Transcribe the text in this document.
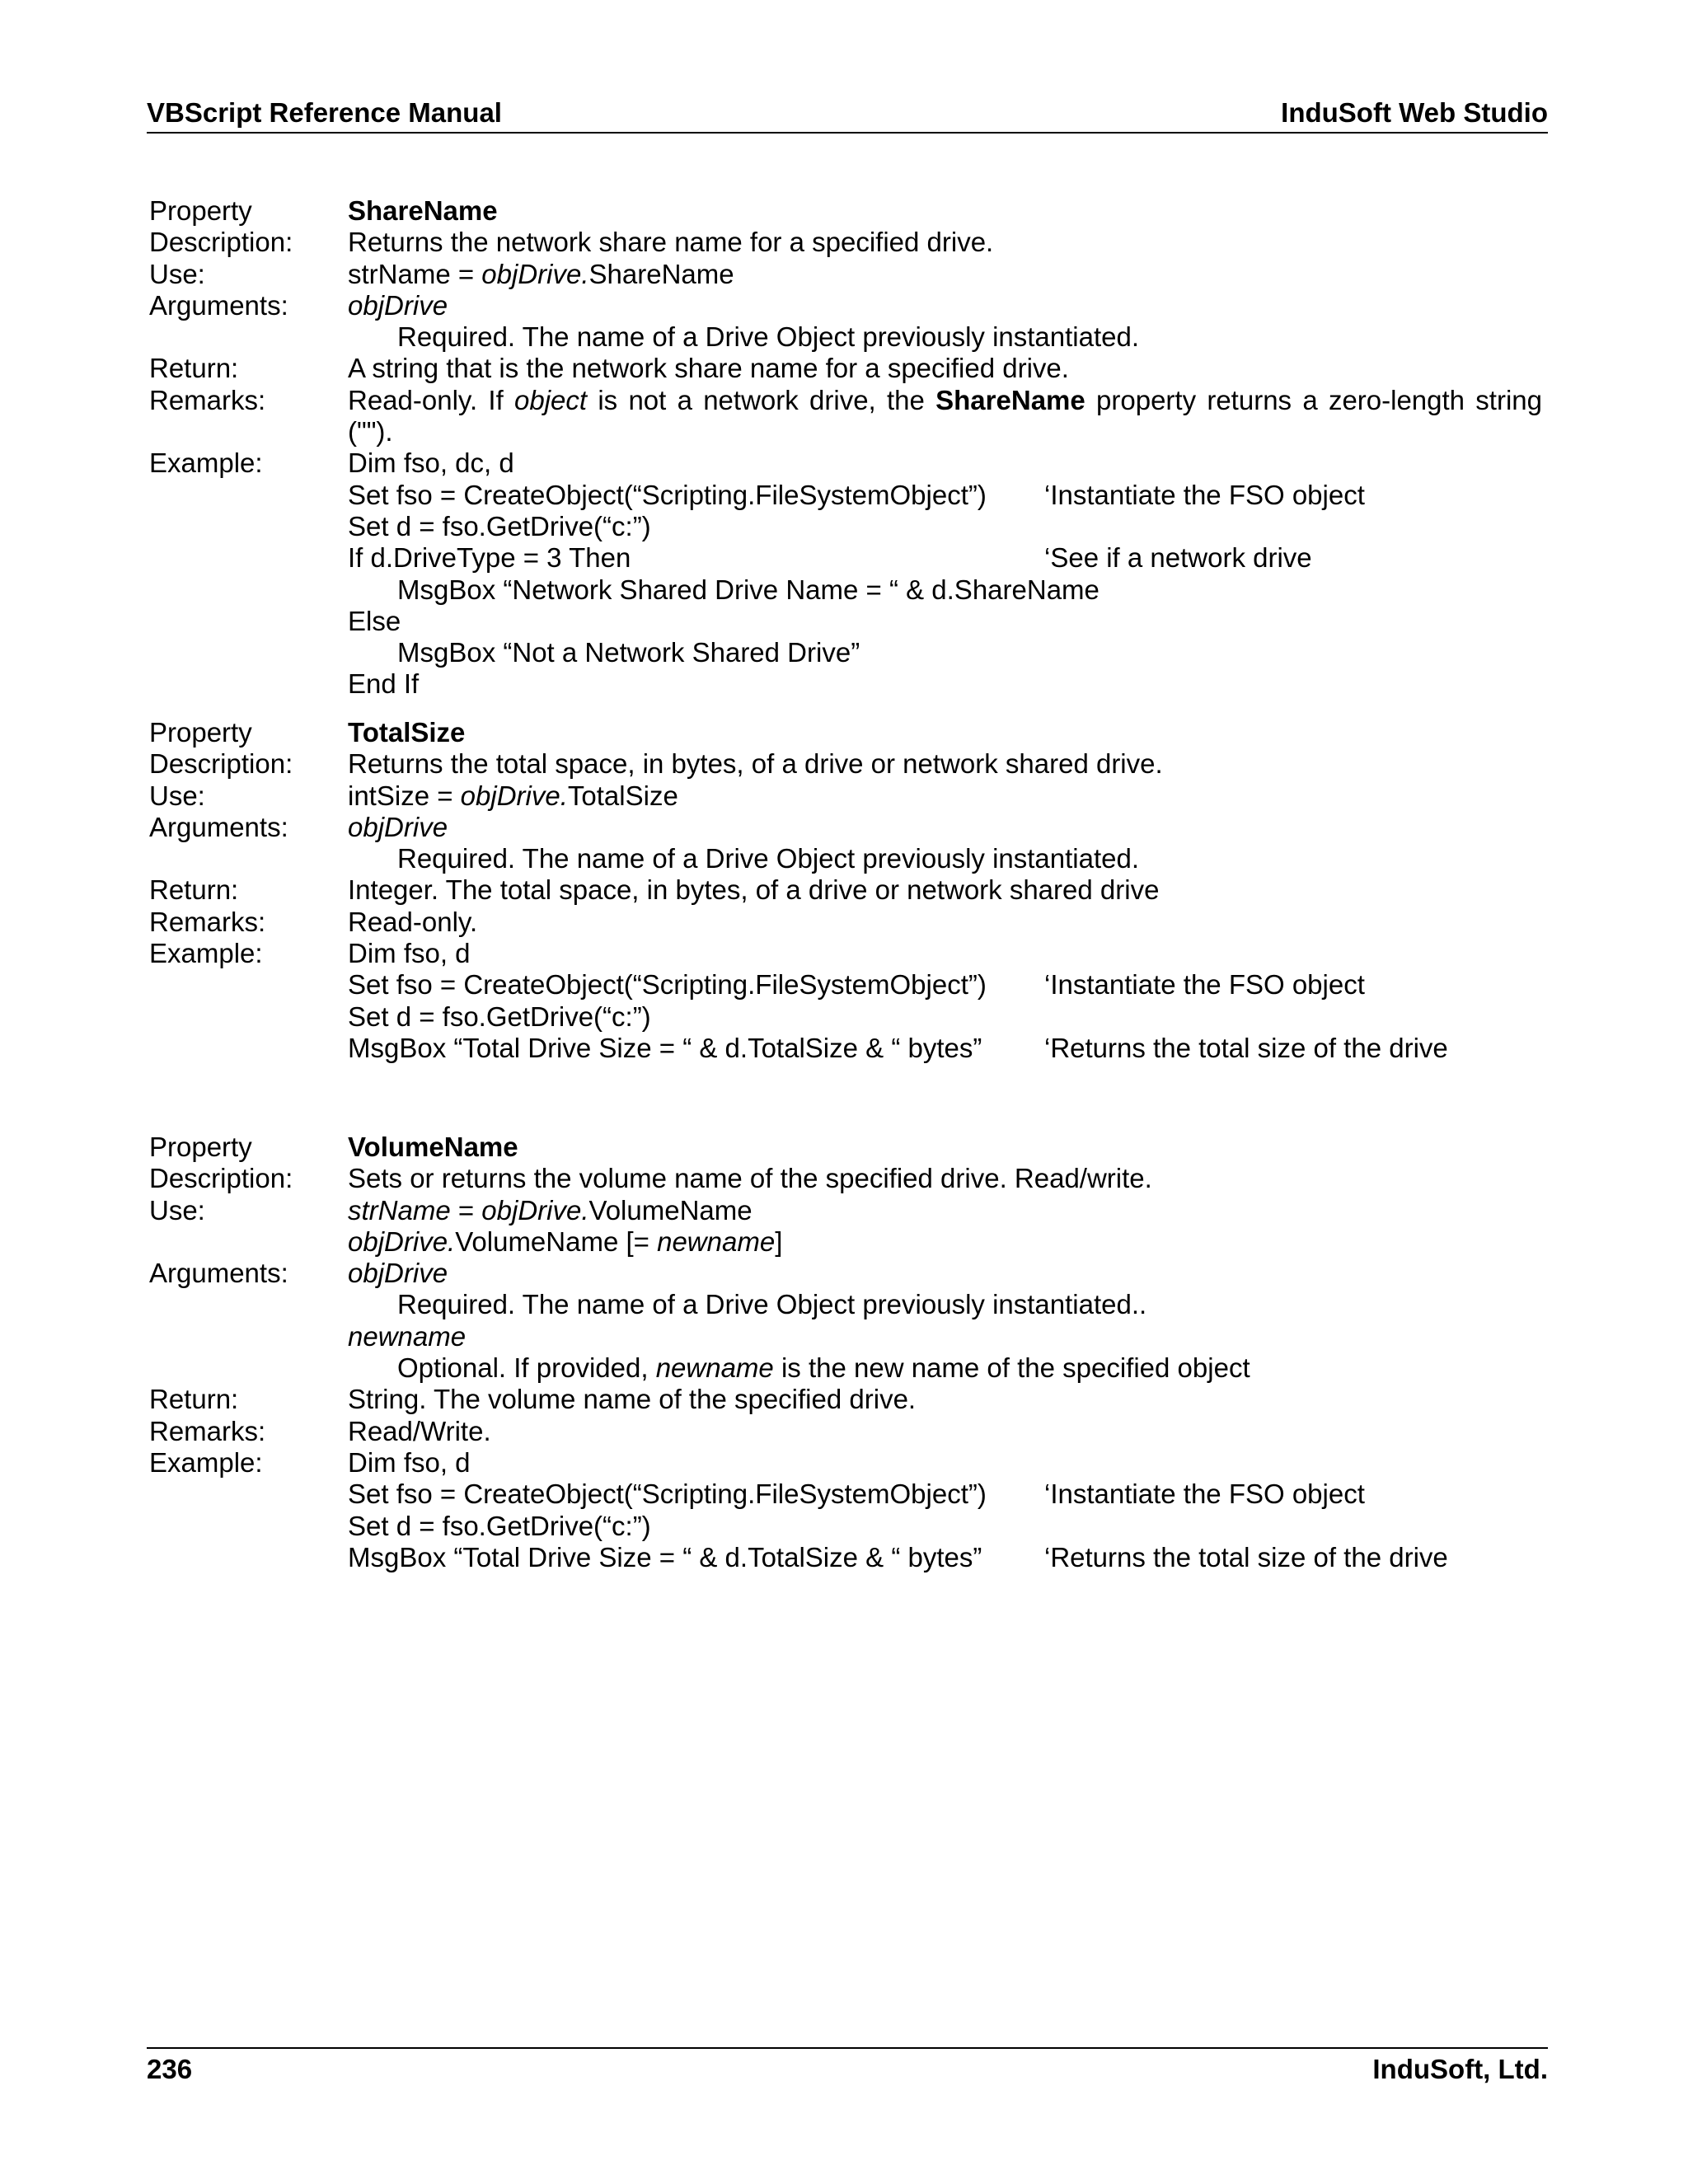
VBScript Reference Manual	InduSoft Web Studio
Property	ShareName
Description:	Returns the network share name for a specified drive.
Use:	strName = objDrive.ShareName
Arguments:	objDrive
Required. The name of a Drive Object previously instantiated.
Return:	A string that is the network share name for a specified drive.
Remarks:	Read-only. If object is not a network drive, the ShareName property returns a zero-length string ("").
Example:	Dim fso, dc, d
Set fso = CreateObject(“Scripting.FileSystemObject”)	‘Instantiate the FSO object
Set d = fso.GetDrive(“c:”)
If d.DriveType = 3 Then	‘See if a network drive
MsgBox “Network Shared Drive Name = “ & d.ShareName
Else
MsgBox “Not a Network Shared Drive”
End If
Property	TotalSize
Description:	Returns the total space, in bytes, of a drive or network shared drive.
Use:	intSize = objDrive.TotalSize
Arguments:	objDrive
Required. The name of a Drive Object previously instantiated.
Return:	Integer. The total space, in bytes, of a drive or network shared drive
Remarks:	Read-only.
Example:	Dim fso, d
Set fso = CreateObject(“Scripting.FileSystemObject”)	‘Instantiate the FSO object
Set d = fso.GetDrive(“c:”)
MsgBox “Total Drive Size = “ & d.TotalSize & “ bytes”	‘Returns the total size of the drive
Property	VolumeName
Description:	Sets or returns the volume name of the specified drive. Read/write.
Use:	strName = objDrive.VolumeName
objDrive.VolumeName [= newname]
Arguments:	objDrive
Required. The name of a Drive Object previously instantiated..
newname
Optional. If provided, newname is the new name of the specified object
Return:	String. The volume name of the specified drive.
Remarks:	Read/Write.
Example:	Dim fso, d
Set fso = CreateObject(“Scripting.FileSystemObject”)	‘Instantiate the FSO object
Set d = fso.GetDrive(“c:”)
MsgBox “Total Drive Size = “ & d.TotalSize & “ bytes”	‘Returns the total size of the drive
236	InduSoft, Ltd.
